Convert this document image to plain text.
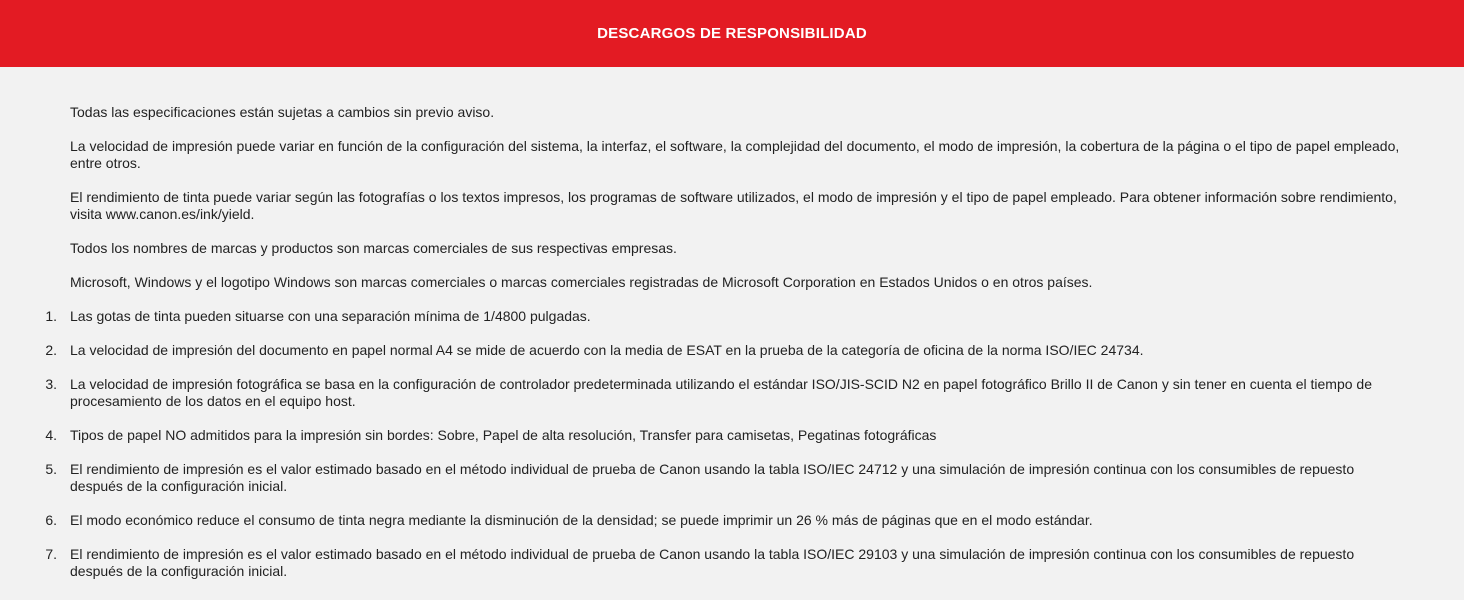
DESCARGOS DE RESPONSIBILIDAD
Todas las especificaciones están sujetas a cambios sin previo aviso.
La velocidad de impresión puede variar en función de la configuración del sistema, la interfaz, el software, la complejidad del documento, el modo de impresión, la cobertura de la página o el tipo de papel empleado, entre otros.
El rendimiento de tinta puede variar según las fotografías o los textos impresos, los programas de software utilizados, el modo de impresión y el tipo de papel empleado. Para obtener información sobre rendimiento, visita www.canon.es/ink/yield.
Todos los nombres de marcas y productos son marcas comerciales de sus respectivas empresas.
Microsoft, Windows y el logotipo Windows son marcas comerciales o marcas comerciales registradas de Microsoft Corporation en Estados Unidos o en otros países.
1. Las gotas de tinta pueden situarse con una separación mínima de 1/4800 pulgadas.
2. La velocidad de impresión del documento en papel normal A4 se mide de acuerdo con la media de ESAT en la prueba de la categoría de oficina de la norma ISO/IEC 24734.
3. La velocidad de impresión fotográfica se basa en la configuración de controlador predeterminada utilizando el estándar ISO/JIS-SCID N2 en papel fotográfico Brillo II de Canon y sin tener en cuenta el tiempo de procesamiento de los datos en el equipo host.
4. Tipos de papel NO admitidos para la impresión sin bordes: Sobre, Papel de alta resolución, Transfer para camisetas, Pegatinas fotográficas
5. El rendimiento de impresión es el valor estimado basado en el método individual de prueba de Canon usando la tabla ISO/IEC 24712 y una simulación de impresión continua con los consumibles de repuesto después de la configuración inicial.
6. El modo económico reduce el consumo de tinta negra mediante la disminución de la densidad; se puede imprimir un 26 % más de páginas que en el modo estándar.
7. El rendimiento de impresión es el valor estimado basado en el método individual de prueba de Canon usando la tabla ISO/IEC 29103 y una simulación de impresión continua con los consumibles de repuesto después de la configuración inicial.
